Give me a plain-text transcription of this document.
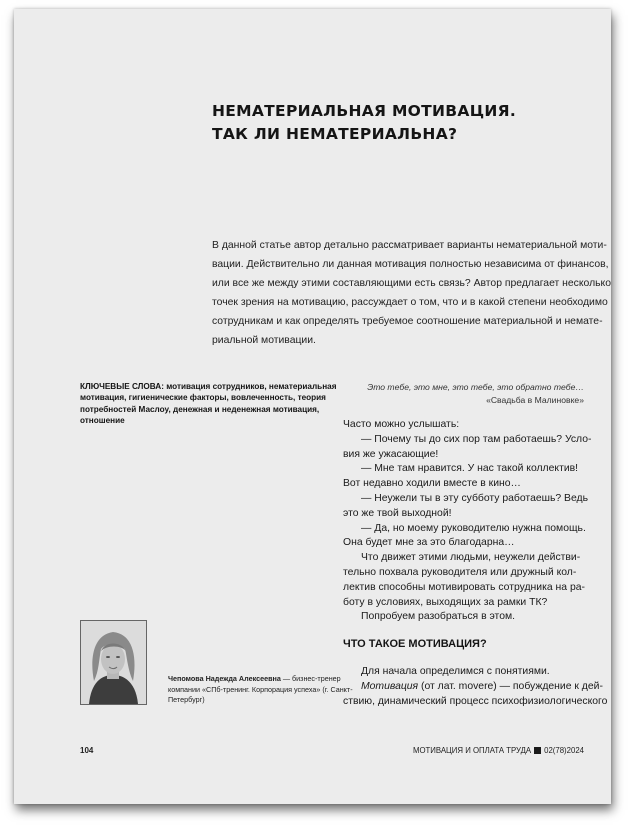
НЕМАТЕРИАЛЬНАЯ МОТИВАЦИЯ.
ТАК ЛИ НЕМАТЕРИАЛЬНА?
В данной статье автор детально рассматривает варианты нематериальной моти-
вации. Действительно ли данная мотивация полностью независима от финансов,
или все же между этими составляющими есть связь? Автор предлагает несколько
точек зрения на мотивацию, рассуждает о том, что и в какой степени необходимо
сотрудникам и как определять требуемое соотношение материальной и немате-
риальной мотивации.
КЛЮЧЕВЫЕ СЛОВА: мотивация сотрудников, нематериальная
мотивация, гигиенические факторы, вовлеченность, теория
потребностей Маслоу, денежная и неденежная мотивация,
отношение
Это тебе, это мне, это тебе, это обратно тебе…
«Свадьба в Малиновке»
Часто можно услышать:
— Почему ты до сих пор там работаешь? Усло-
вия же ужасающие!
— Мне там нравится. У нас такой коллектив!
Вот недавно ходили вместе в кино…
— Неужели ты в эту субботу работаешь? Ведь
это же твой выходной!
— Да, но моему руководителю нужна помощь.
Она будет мне за это благодарна…
Что движет этими людьми, неужели действи-
тельно похвала руководителя или дружный кол-
лектив способны мотивировать сотрудника на ра-
боту в условиях, выходящих за рамки ТК?
Попробуем разобраться в этом.
Чепомова Надежда Алексеевна — бизнес-тренер
компании «СПб-тренинг. Корпорация успеха» (г. Санкт-
Петербург)
ЧТО ТАКОЕ МОТИВАЦИЯ?
Для начала определимся с понятиями.
Мотивация (от лат. movere) — побуждение к дей-
ствию, динамический процесс психофизиологического
104	МОТИВАЦИЯ И ОПЛАТА ТРУДА 02(78)2024
